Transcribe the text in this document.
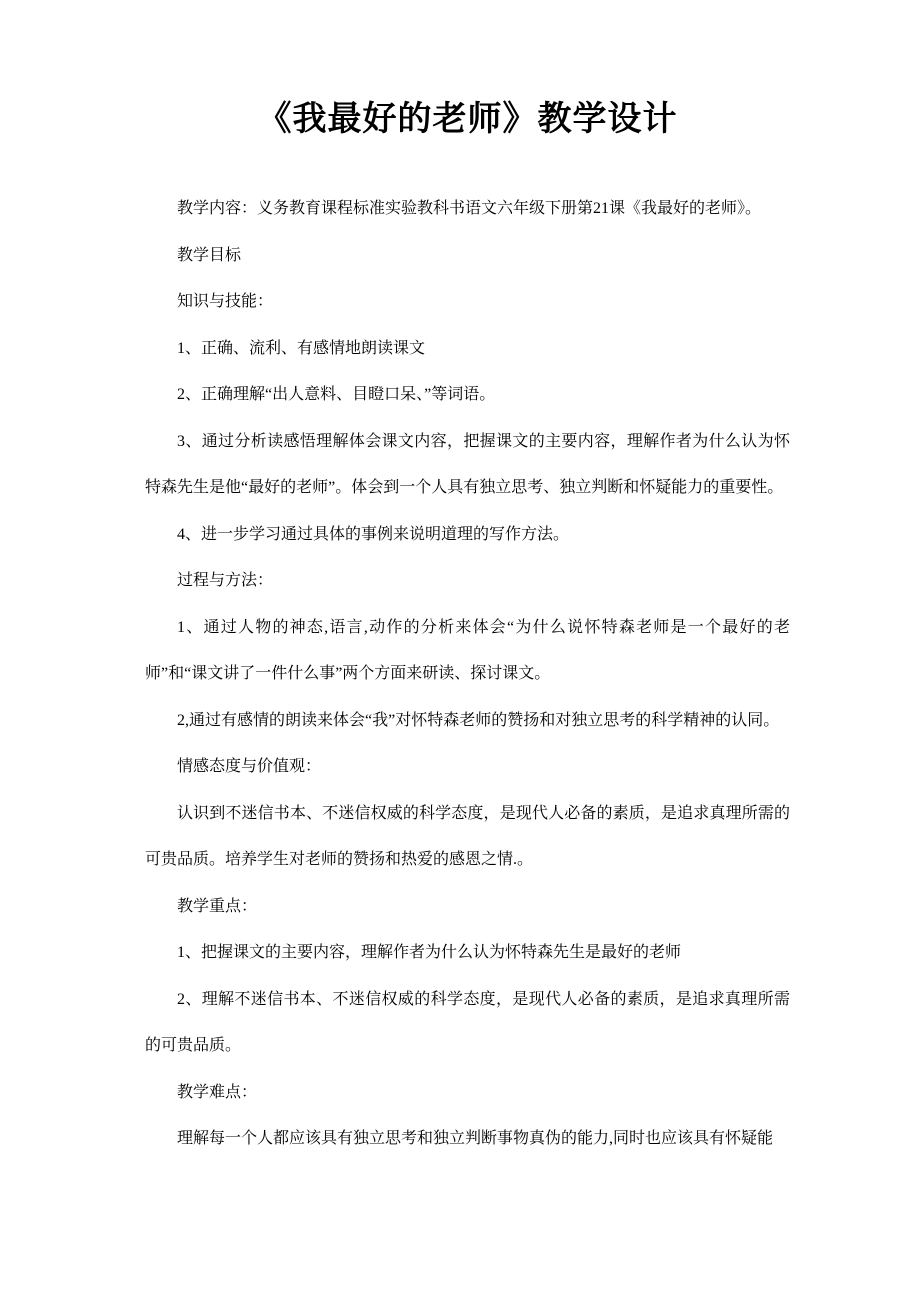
《我最好的老师》教学设计

教学内容：义务教育课程标准实验教科书语文六年级下册第21课《我最好的老师》。

教学目标

知识与技能：

1、正确、流利、有感情地朗读课文

2、正确理解“出人意料、目瞪口呆、”等词语。

3、通过分析读感悟理解体会课文内容，把握课文的主要内容，理解作者为什么认为怀特森先生是他“最好的老师”。体会到一个人具有独立思考、独立判断和怀疑能力的重要性。

4、进一步学习通过具体的事例来说明道理的写作方法。

过程与方法：

1、通过人物的神态,语言,动作的分析来体会“为什么说怀特森老师是一个最好的老师”和“课文讲了一件什么事”两个方面来研读、探讨课文。

2,通过有感情的朗读来体会“我”对怀特森老师的赞扬和对独立思考的科学精神的认同。

情感态度与价值观：

认识到不迷信书本、不迷信权威的科学态度，是现代人必备的素质，是追求真理所需的可贵品质。培养学生对老师的赞扬和热爱的感恩之情.。

教学重点：

1、把握课文的主要内容，理解作者为什么认为怀特森先生是最好的老师

2、理解不迷信书本、不迷信权威的科学态度，是现代人必备的素质，是追求真理所需的可贵品质。

教学难点：

理解每一个人都应该具有独立思考和独立判断事物真伪的能力,同时也应该具有怀疑能
